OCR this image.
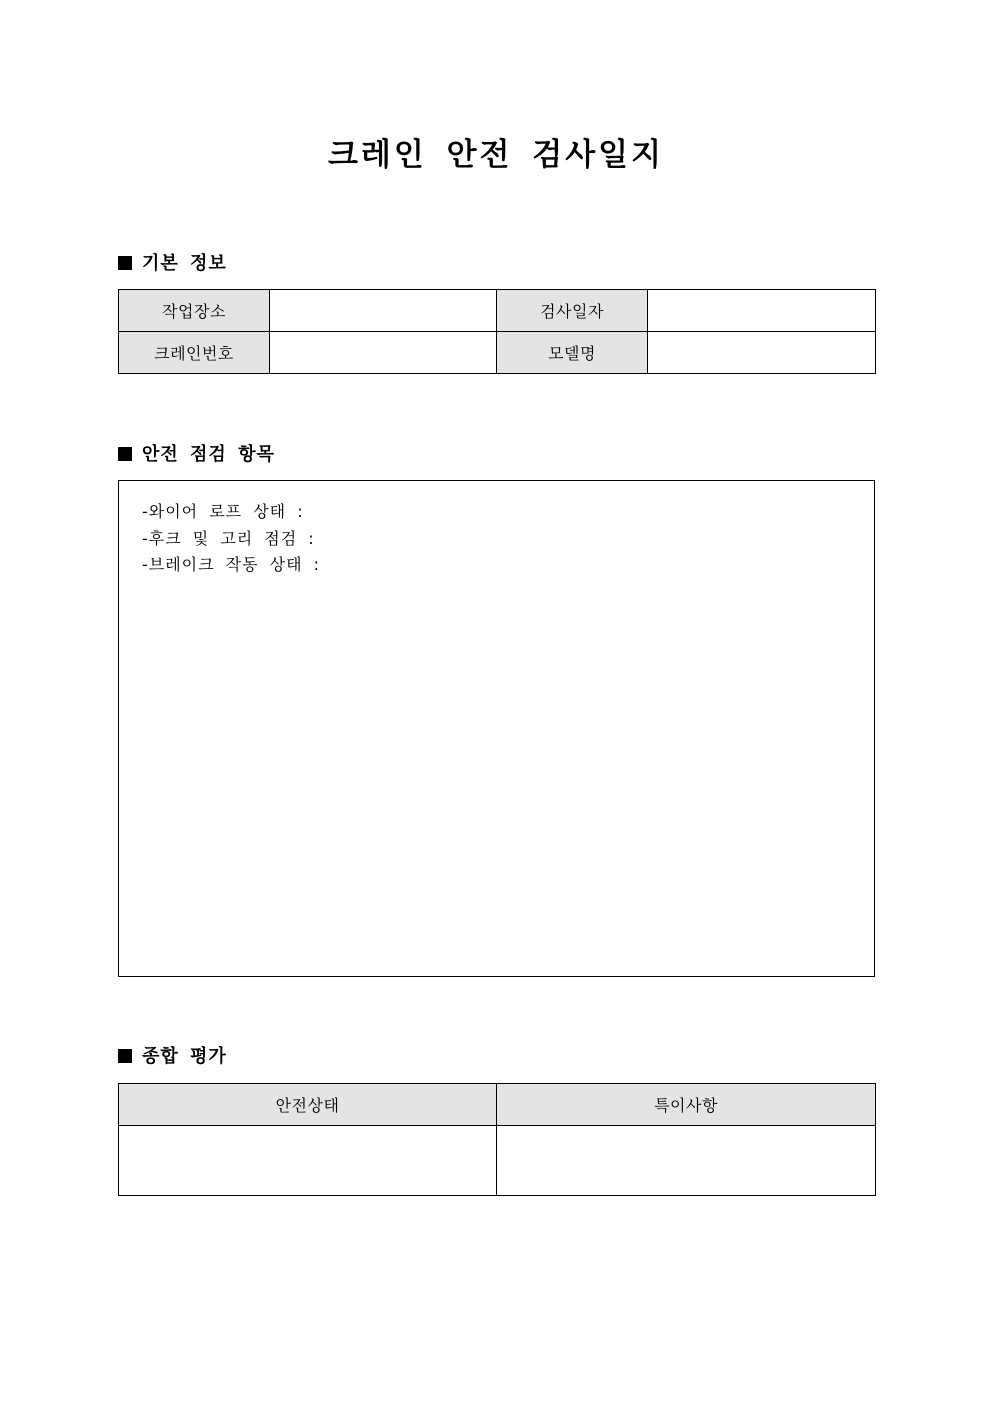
크레인 안전 검사일지
기본 정보
작업장소		검사일자	
크레인번호		모델명	
안전 점검 항목
-와이어 로프 상태 :
-후크 및 고리 점검 :
-브레이크 작동 상태 :
종합 평가
안전상태	특이사항
